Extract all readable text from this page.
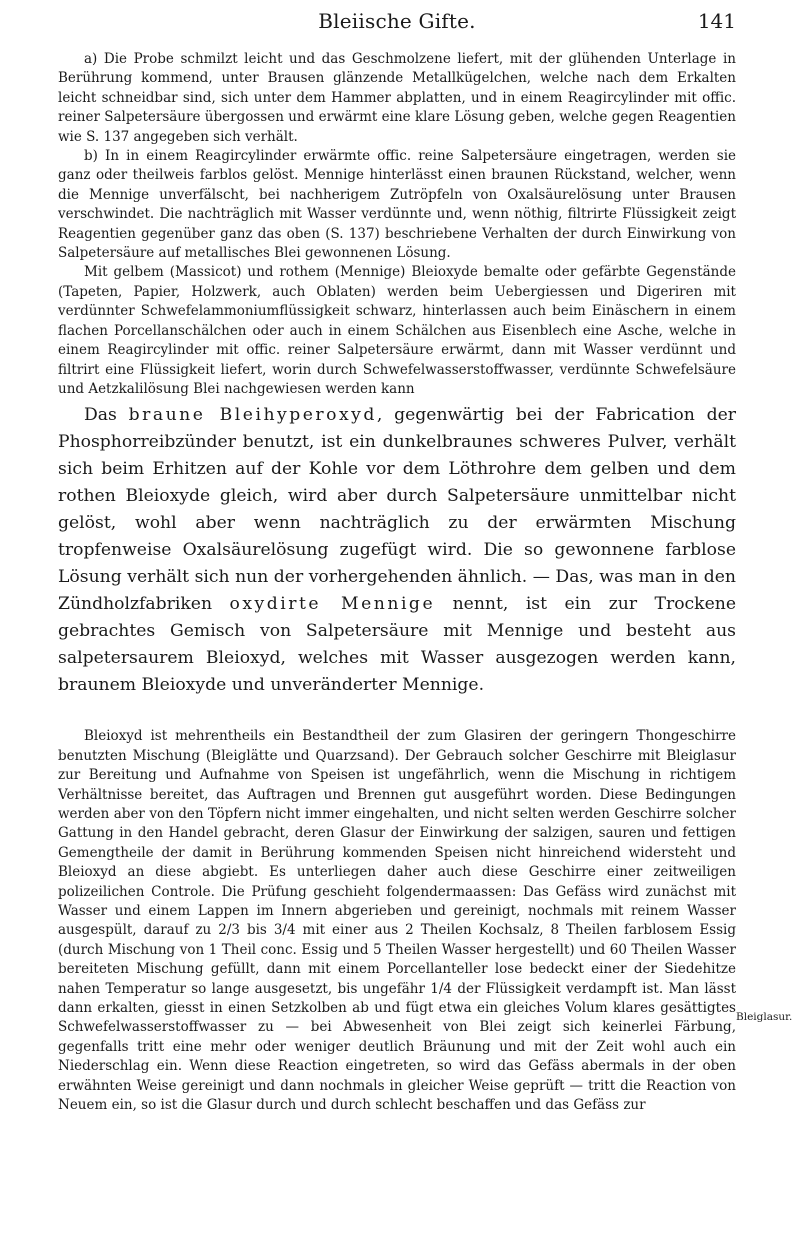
Bleiische Gifte.	141

a) Die Probe schmilzt leicht und das Geschmolzene liefert, mit der glühenden Unterlage in Berührung kommend, unter Brausen glänzende Metallkügelchen, welche nach dem Erkalten leicht schneidbar sind, sich unter dem Hammer abplatten, und in einem Reagircylinder mit offic. reiner Salpetersäure übergossen und erwärmt eine klare Lösung geben, welche gegen Reagentien wie S. 137 angegeben sich verhält.

b) In in einem Reagircylinder erwärmte offic. reine Salpetersäure eingetragen, werden sie ganz oder theilweis farblos gelöst. Mennige hinterlässt einen braunen Rückstand, welcher, wenn die Mennige unverfälscht, bei nachherigem Zutröpfeln von Oxalsäurelösung unter Brausen verschwindet. Die nachträglich mit Wasser verdünnte und, wenn nöthig, filtrirte Flüssigkeit zeigt Reagentien gegenüber ganz das oben (S. 137) beschriebene Verhalten der durch Einwirkung von Salpetersäure auf metallisches Blei gewonnenen Lösung.

Mit gelbem (Massicot) und rothem (Mennige) Bleioxyde bemalte oder gefärbte Gegenstände (Tapeten, Papier, Holzwerk, auch Oblaten) werden beim Uebergiessen und Digeriren mit verdünnter Schwefelammoniumflüssigkeit schwarz, hinterlassen auch beim Einäschern in einem flachen Porcellanschälchen oder auch in einem Schälchen aus Eisenblech eine Asche, welche in einem Reagircylinder mit offic. reiner Salpetersäure erwärmt, dann mit Wasser verdünnt und filtrirt eine Flüssigkeit liefert, worin durch Schwefelwasserstoffwasser, verdünnte Schwefelsäure und Aetzkalilösung Blei nachgewiesen werden kann

Das braune Bleihyperoxyd, gegenwärtig bei der Fabrication der Phosphorreibzünder benutzt, ist ein dunkelbraunes schweres Pulver, verhält sich beim Erhitzen auf der Kohle vor dem Löthrohre dem gelben und dem rothen Bleioxyde gleich, wird aber durch Salpetersäure unmittelbar nicht gelöst, wohl aber wenn nachträglich zu der erwärmten Mischung tropfenweise Oxalsäurelösung zugefügt wird. Die so gewonnene farblose Lösung verhält sich nun der vorhergehenden ähnlich. — Das, was man in den Zündholzfabriken oxydirte Mennige nennt, ist ein zur Trockene gebrachtes Gemisch von Salpetersäure mit Mennige und besteht aus salpetersaurem Bleioxyd, welches mit Wasser ausgezogen werden kann, braunem Bleioxyde und unveränderter Mennige.

Bleioxyd ist mehrentheils ein Bestandtheil der zum Glasiren der geringern Thongeschirre benutzten Mischung (Bleiglätte und Quarzsand). Der Gebrauch solcher Geschirre mit Bleiglasur zur Bereitung und Aufnahme von Speisen ist ungefährlich, wenn die Mischung in richtigem Verhältnisse bereitet, das Auftragen und Brennen gut ausgeführt worden. Diese Bedingungen werden aber von den Töpfern nicht immer eingehalten, und nicht selten werden Geschirre solcher Gattung in den Handel gebracht, deren Glasur der Einwirkung der salzigen, sauren und fettigen Gemengtheile der damit in Berührung kommenden Speisen nicht hinreichend widersteht und Bleioxyd an diese abgiebt. Es unterliegen daher auch diese Geschirre einer zeitweiligen polizeilichen Controle. Die Prüfung geschieht folgendermaassen: Das Gefäss wird zunächst mit Wasser und einem Lappen im Innern abgerieben und gereinigt, nochmals mit reinem Wasser ausgespült, darauf zu 2/3 bis 3/4 mit einer aus 2 Theilen Kochsalz, 8 Theilen farblosem Essig (durch Mischung von 1 Theil conc. Essig und 5 Theilen Wasser hergestellt) und 60 Theilen Wasser bereiteten Mischung gefüllt, dann mit einem Porcellanteller lose bedeckt einer der Siedehitze nahen Temperatur so lange ausgesetzt, bis ungefähr 1/4 der Flüssigkeit verdampft ist. Man lässt dann erkalten, giesst in einen Setzkolben ab und fügt etwa ein gleiches Volum klares gesättigtes Schwefelwasserstoffwasser zu — bei Abwesenheit von Blei zeigt sich keinerlei Färbung, gegenfalls tritt eine mehr oder weniger deutlich Bräunung und mit der Zeit wohl auch ein Niederschlag ein. Wenn diese Reaction eingetreten, so wird das Gefäss abermals in der oben erwähnten Weise gereinigt und dann nochmals in gleicher Weise geprüft — tritt die Reaction von Neuem ein, so ist die Glasur durch und durch schlecht beschaffen und das Gefäss zur

Bleiglasur.
